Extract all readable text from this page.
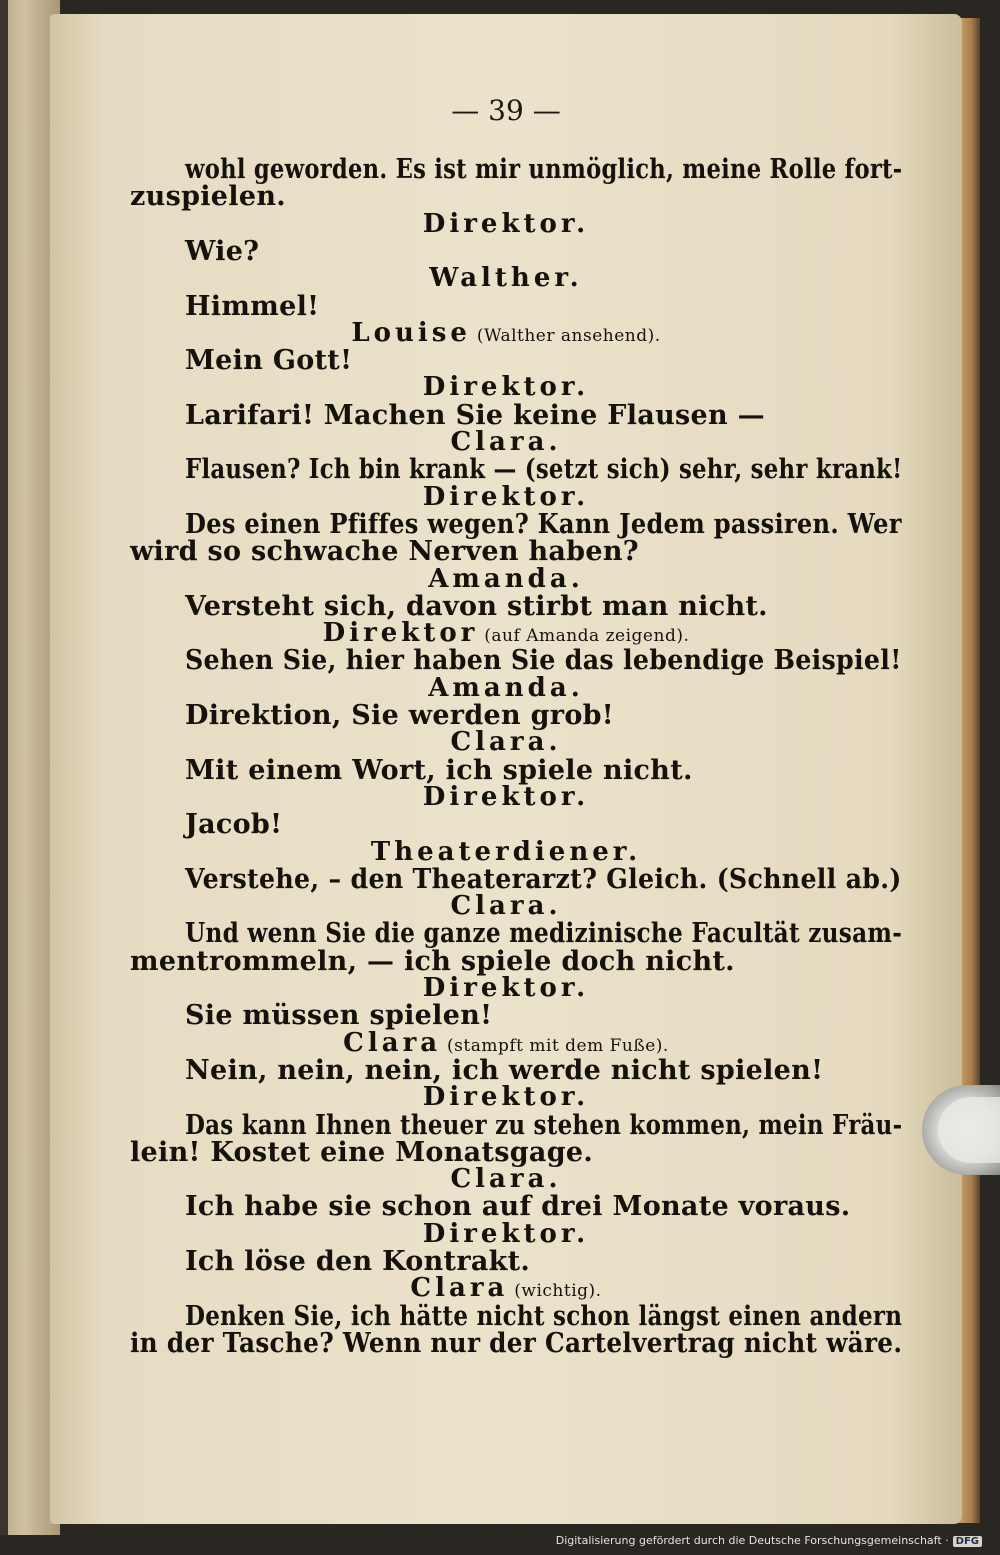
— 39 —
wohl geworden. Es ist mir unmöglich, meine Rolle fort-
zuspielen.
Direktor.
Wie?
Walther.
Himmel!
Louise (Walther ansehend).
Mein Gott!
Direktor.
Larifari! Machen Sie keine Flausen —
Clara.
Flausen? Ich bin krank — (setzt sich) sehr, sehr krank!
Direktor.
Des einen Pfiffes wegen? Kann Jedem passiren. Wer
wird so schwache Nerven haben?
Amanda.
Versteht sich, davon stirbt man nicht.
Direktor (auf Amanda zeigend).
Sehen Sie, hier haben Sie das lebendige Beispiel!
Amanda.
Direktion, Sie werden grob!
Clara.
Mit einem Wort, ich spiele nicht.
Direktor.
Jacob!
Theaterdiener.
Verstehe, – den Theaterarzt? Gleich. (Schnell ab.)
Clara.
Und wenn Sie die ganze medizinische Facultät zusam-
mentrommeln, — ich spiele doch nicht.
Direktor.
Sie müssen spielen!
Clara (stampft mit dem Fuße).
Nein, nein, nein, ich werde nicht spielen!
Direktor.
Das kann Ihnen theuer zu stehen kommen, mein Fräu-
lein! Kostet eine Monatsgage.
Clara.
Ich habe sie schon auf drei Monate voraus.
Direktor.
Ich löse den Kontrakt.
Clara (wichtig).
Denken Sie, ich hätte nicht schon längst einen andern
in der Tasche? Wenn nur der Cartelvertrag nicht wäre.
Digitalisierung gefördert durch die Deutsche Forschungsgemeinschaft · DFG
